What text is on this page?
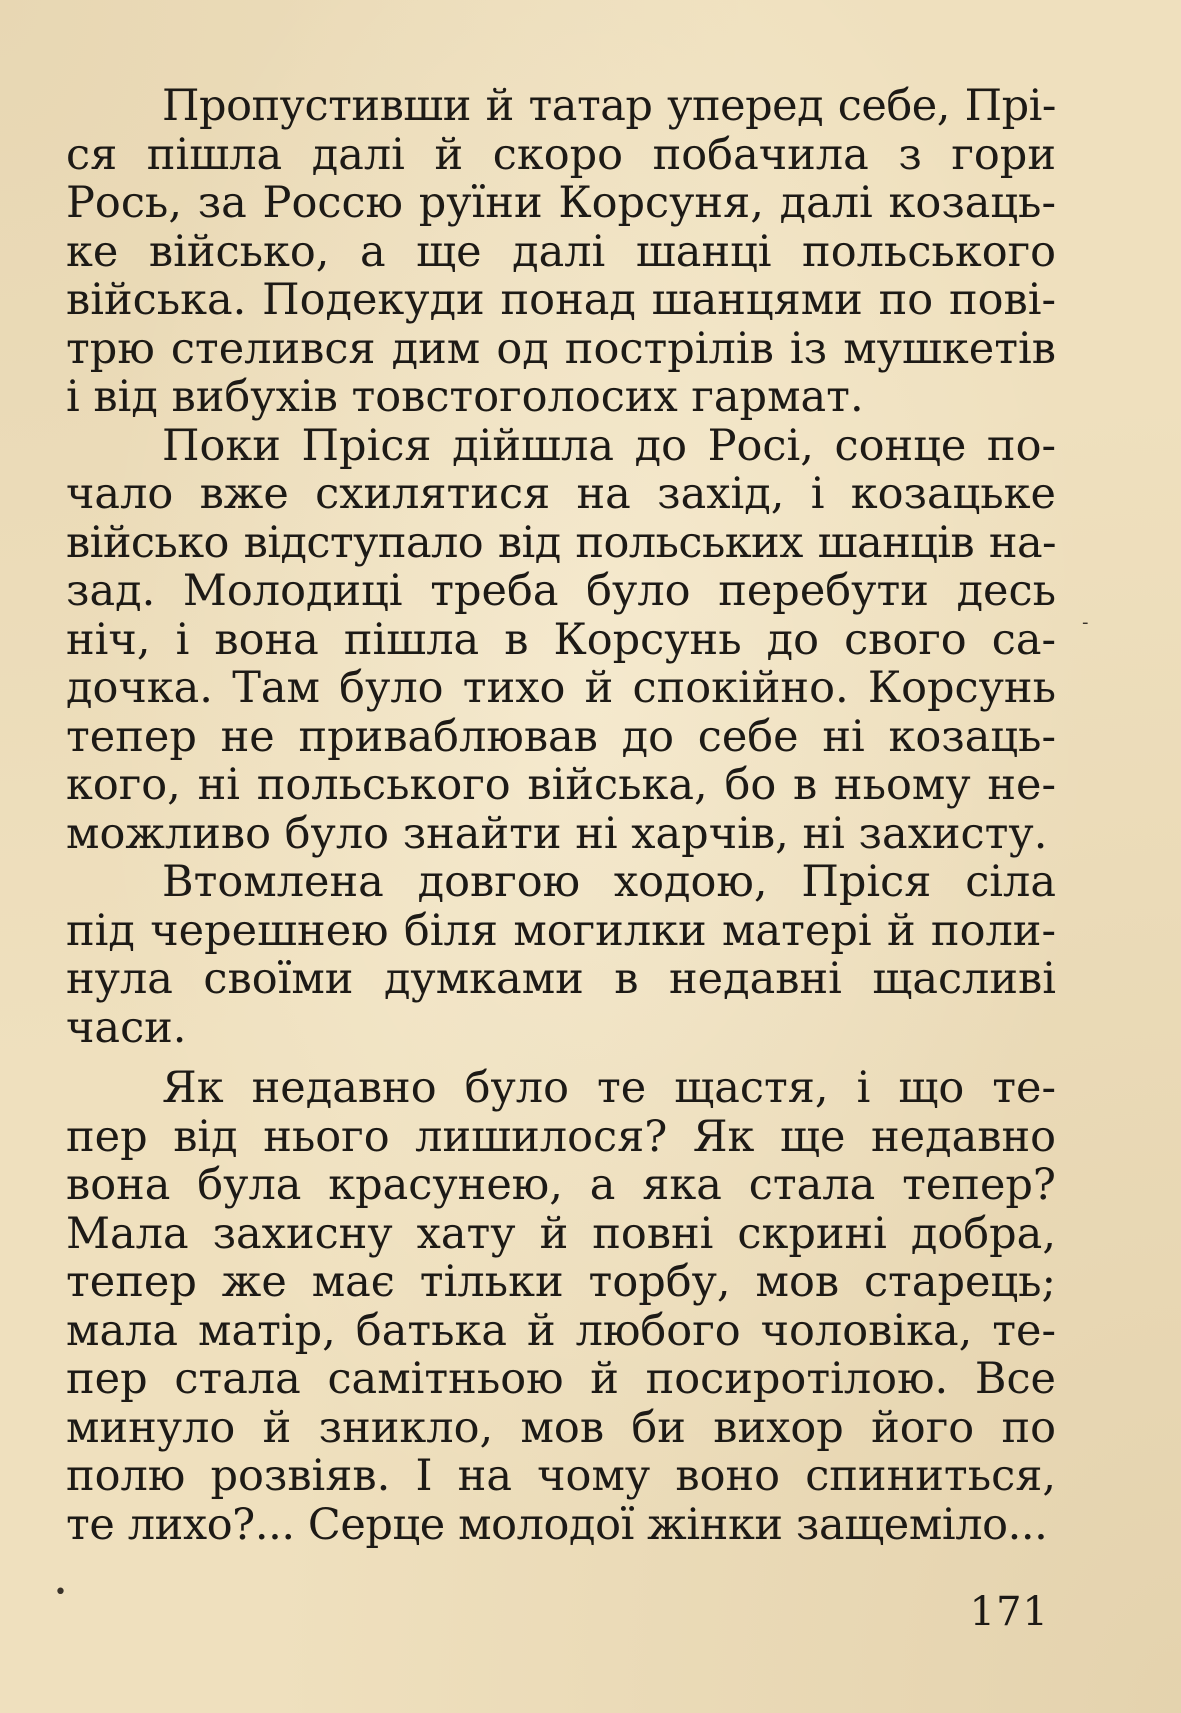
Пропустивши й татар уперед себе, Прі-
ся пішла далі й скоро побачила з гори
Рось, за Россю руїни Корсуня, далі козаць-
ке військо, а ще далі шанці польського
війська. Подекуди понад шанцями по пові-
трю стелився дим од пострілів із мушкетів
і від вибухів товстоголосих гармат.
Поки Пріся дійшла до Росі, сонце по-
чало вже схилятися на захід, і козацьке
військо відступало від польських шанців на-
зад. Молодиці треба було перебути десь
ніч, і вона пішла в Корсунь до свого са-
дочка. Там було тихо й спокійно. Корсунь
тепер не приваблював до себе ні козаць-
кого, ні польського війська, бо в ньому не-
можливо було знайти ні харчів, ні захисту.
Втомлена довгою ходою, Пріся сіла
під черешнею біля могилки матері й поли-
нула своїми думками в недавні щасливі
часи.
Як недавно було те щастя, і що те-
пер від нього лишилося? Як ще недавно
вона була красунею, а яка стала тепер?
Мала захисну хату й повні скрині добра,
тепер же має тільки торбу, мов старець;
мала матір, батька й любого чоловіка, те-
пер стала самітньою й посиротілою. Все
минуло й зникло, мов би вихор його по
полю розвіяв. І на чому воно спиниться,
те лихо?... Серце молодої жінки защеміло...
‐
•	171
